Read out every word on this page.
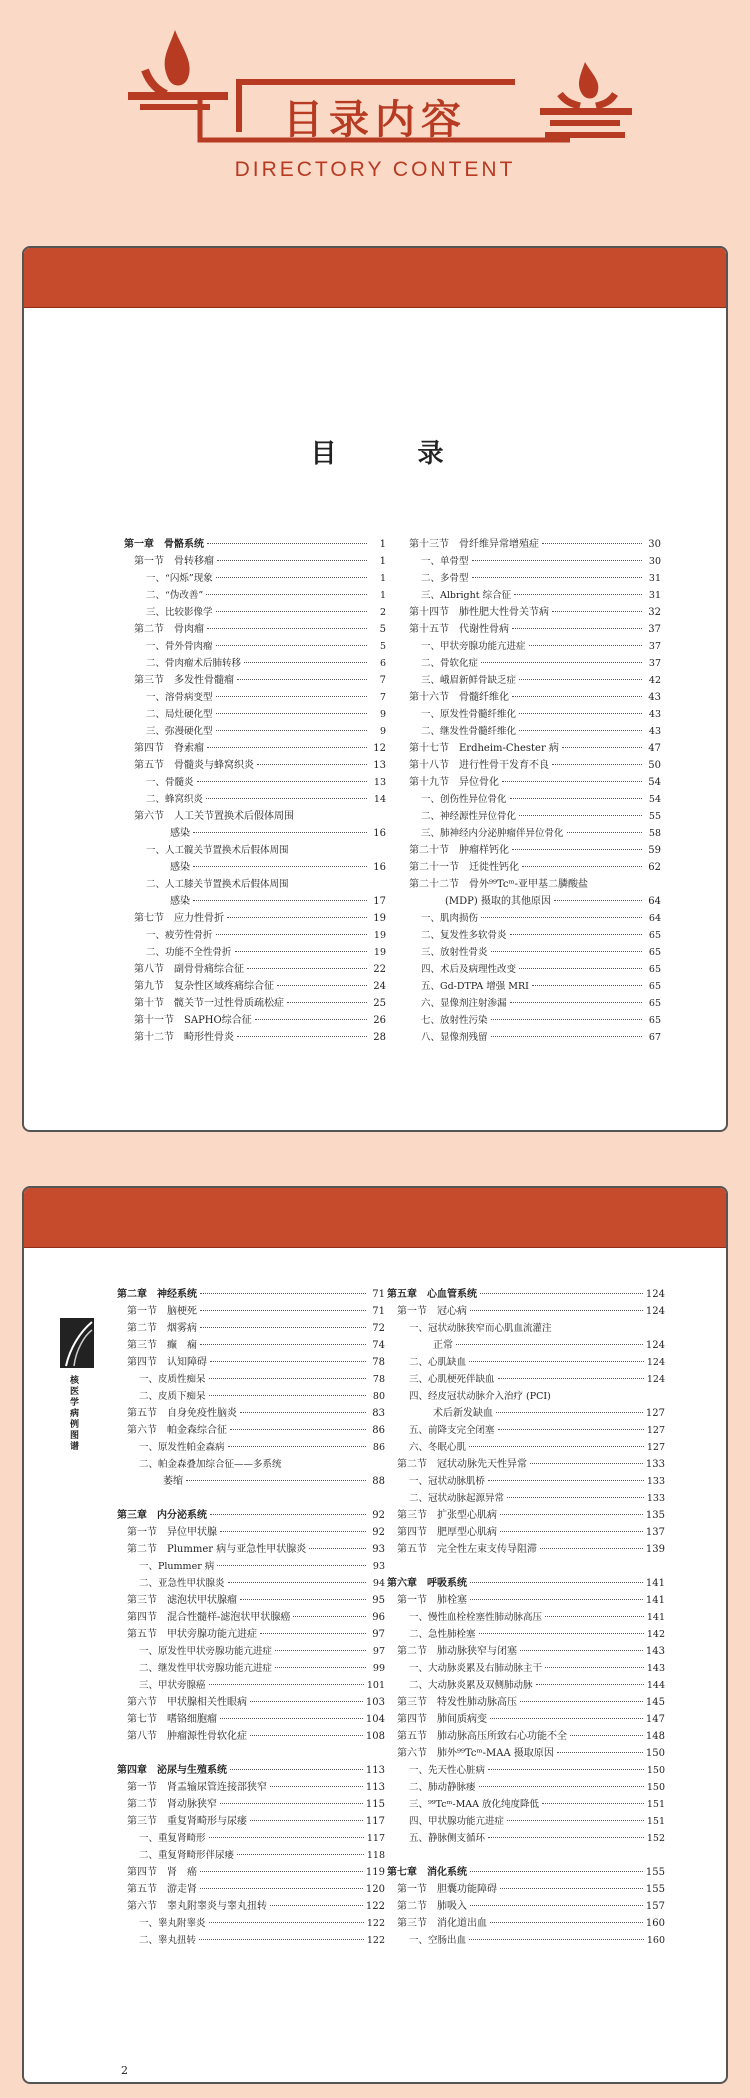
目录内容
DIRECTORY CONTENT
目 录
第一章　骨骼系统	1
第一节　骨转移瘤	1
一、“闪烁”现象	1
二、“伪改善”	1
三、比较影像学	2
第二节　骨肉瘤	5
一、骨外骨肉瘤	5
二、骨肉瘤术后肺转移	6
第三节　多发性骨髓瘤	7
一、溶骨病变型	7
二、局灶硬化型	9
三、弥漫硬化型	9
第四节　脊索瘤	12
第五节　骨髓炎与蜂窝织炎	13
一、骨髓炎	13
二、蜂窝织炎	14
第六节　人工关节置换术后假体周围
感染	16
一、人工髋关节置换术后假体周围
感染	16
二、人工膝关节置换术后假体周围
感染	17
第七节　应力性骨折	19
一、疲劳性骨折	19
二、功能不全性骨折	19
第八节　副骨骨痛综合征	22
第九节　复杂性区域疼痛综合征	24
第十节　髋关节一过性骨质疏松症	25
第十一节　SAPHO综合征	26
第十二节　畸形性骨炎	28
第十三节　骨纤维异常增殖症	30
一、单骨型	30
二、多骨型	31
三、Albright 综合征	31
第十四节　肺性肥大性骨关节病	32
第十五节　代谢性骨病	37
一、甲状旁腺功能亢进症	37
二、骨软化症	37
三、峨眉新鲜骨缺乏症	42
第十六节　骨髓纤维化	43
一、原发性骨髓纤维化	43
二、继发性骨髓纤维化	43
第十七节　Erdheim-Chester 病	47
第十八节　进行性骨干发育不良	50
第十九节　异位骨化	54
一、创伤性异位骨化	54
二、神经源性异位骨化	55
三、肺神经内分泌肿瘤伴异位骨化	58
第二十节　肿瘤样钙化	59
第二十一节　迁徙性钙化	62
第二十二节　骨外⁹⁹Tcᵐ-亚甲基二膦酸盐
(MDP) 摄取的其他原因	64
一、肌肉损伤	64
二、复发性多软骨炎	65
三、放射性骨炎	65
四、术后及病理性改变	65
五、Gd-DTPA 增强 MRI	65
六、显像剂注射渗漏	65
七、放射性污染	65
八、显像剂残留	67
核医学病例图谱
第二章　神经系统	71
第一节　脑梗死	71
第二节　烟雾病	72
第三节　癫　痫	74
第四节　认知障碍	78
一、皮质性痴呆	78
二、皮质下痴呆	80
第五节　自身免疫性脑炎	83
第六节　帕金森综合征	86
一、原发性帕金森病	86
二、帕金森叠加综合征——多系统
萎缩	88
第三章　内分泌系统	92
第一节　异位甲状腺	92
第二节　Plummer 病与亚急性甲状腺炎	93
一、Plummer 病	93
二、亚急性甲状腺炎	94
第三节　滤泡状甲状腺瘤	95
第四节　混合性髓样-滤泡状甲状腺癌	96
第五节　甲状旁腺功能亢进症	97
一、原发性甲状旁腺功能亢进症	97
二、继发性甲状旁腺功能亢进症	99
三、甲状旁腺癌	101
第六节　甲状腺相关性眼病	103
第七节　嗜铬细胞瘤	104
第八节　肿瘤源性骨软化症	108
第四章　泌尿与生殖系统	113
第一节　肾盂输尿管连接部狭窄	113
第二节　肾动脉狭窄	115
第三节　重复肾畸形与尿瘘	117
一、重复肾畸形	117
二、重复肾畸形伴尿瘘	118
第四节　肾　癌	119
第五节　游走肾	120
第六节　睾丸附睾炎与睾丸扭转	122
一、睾丸附睾炎	122
二、睾丸扭转	122
第五章　心血管系统	124
第一节　冠心病	124
一、冠状动脉狭窄而心肌血流灌注
正常	124
二、心肌缺血	124
三、心肌梗死伴缺血	124
四、经皮冠状动脉介入治疗 (PCI)
术后新发缺血	127
五、前降支完全闭塞	127
六、冬眠心肌	127
第二节　冠状动脉先天性异常	133
一、冠状动脉肌桥	133
二、冠状动脉起源异常	133
第三节　扩张型心肌病	135
第四节　肥厚型心肌病	137
第五节　完全性左束支传导阻滞	139
第六章　呼吸系统	141
第一节　肺栓塞	141
一、慢性血栓栓塞性肺动脉高压	141
二、急性肺栓塞	142
第二节　肺动脉狭窄与闭塞	143
一、大动脉炎累及右肺动脉主干	143
二、大动脉炎累及双侧肺动脉	144
第三节　特发性肺动脉高压	145
第四节　肺间质病变	147
第五节　肺动脉高压所致右心功能不全	148
第六节　肺外⁹⁹Tcᵐ-MAA 摄取原因	150
一、先天性心脏病	150
二、肺动静脉瘘	150
三、⁹⁹Tcᵐ-MAA 放化纯度降低	151
四、甲状腺功能亢进症	151
五、静脉侧支循环	152
第七章　消化系统	155
第一节　胆囊功能障碍	155
第二节　肺吸入	157
第三节　消化道出血	160
一、空肠出血	160
2
